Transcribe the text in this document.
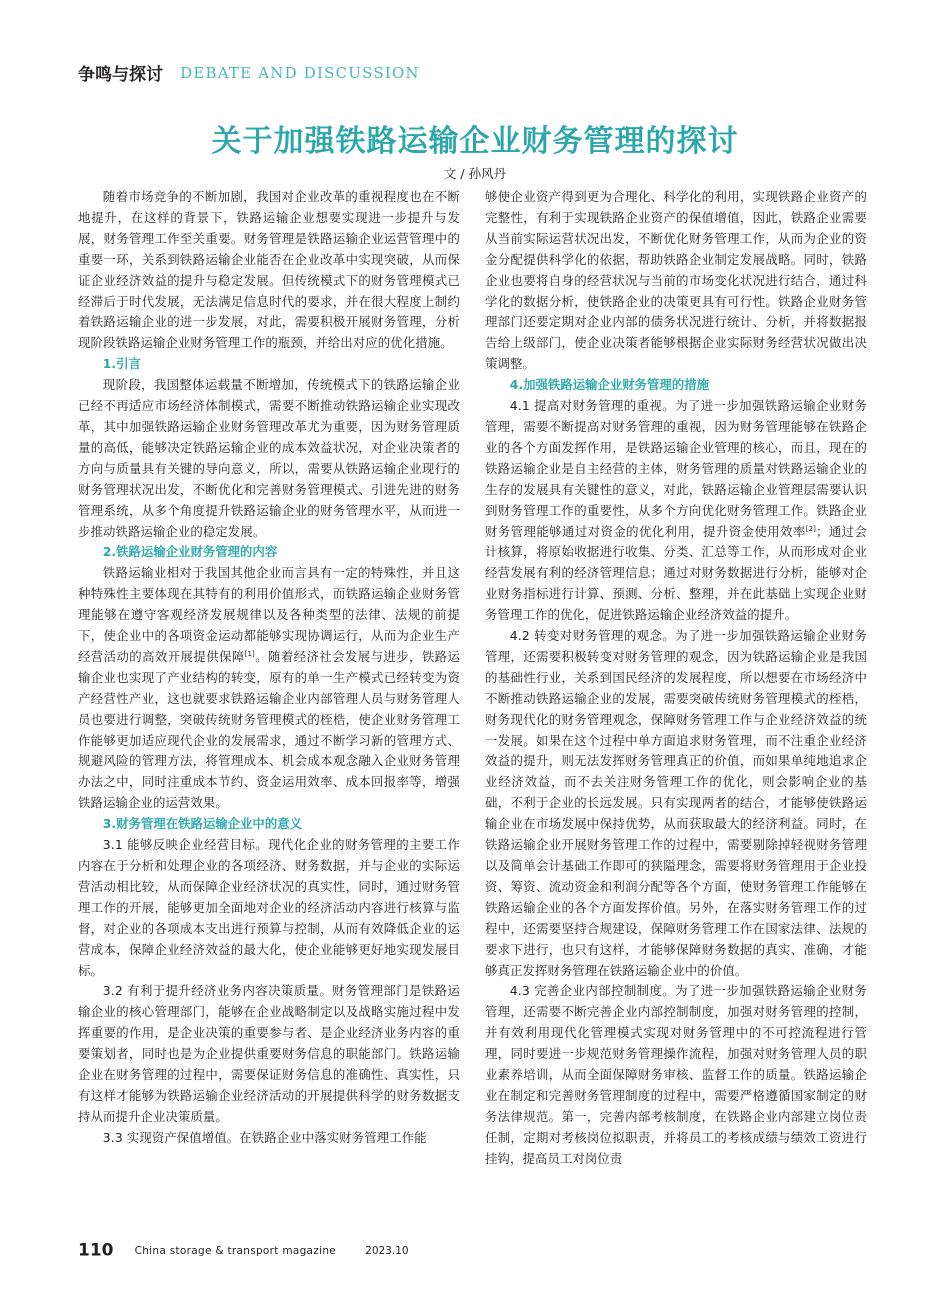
争鸣与探讨 DEBATE AND DISCUSSION
关于加强铁路运输企业财务管理的探讨
文 / 孙风丹

随着市场竞争的不断加剧，我国对企业改革的重视程度也在不断地提升，在这样的背景下，铁路运输企业想要实现进一步提升与发展，财务管理工作至关重要。财务管理是铁路运输企业运营管理中的重要一环，关系到铁路运输企业能否在企业改革中实现突破，从而保证企业经济效益的提升与稳定发展。但传统模式下的财务管理模式已经滞后于时代发展，无法满足信息时代的要求，并在很大程度上制约着铁路运输企业的进一步发展，对此，需要积极开展财务管理，分析现阶段铁路运输企业财务管理工作的瓶颈，并给出对应的优化措施。

1.引言

现阶段，我国整体运载量不断增加，传统模式下的铁路运输企业已经不再适应市场经济体制模式，需要不断推动铁路运输企业实现改革，其中加强铁路运输企业财务管理改革尤为重要，因为财务管理质量的高低，能够决定铁路运输企业的成本效益状况，对企业决策者的方向与质量具有关键的导向意义，所以，需要从铁路运输企业现行的财务管理状况出发，不断优化和完善财务管理模式、引进先进的财务管理系统，从多个角度提升铁路运输企业的财务管理水平，从而进一步推动铁路运输企业的稳定发展。

2.铁路运输企业财务管理的内容

铁路运输业相对于我国其他企业而言具有一定的特殊性，并且这种特殊性主要体现在其特有的利用价值形式，而铁路运输企业财务管理能够在遵守客观经济发展规律以及各种类型的法律、法规的前提下，使企业中的各项资金运动都能够实现协调运行，从而为企业生产经营活动的高效开展提供保障[1]。随着经济社会发展与进步，铁路运输企业也实现了产业结构的转变，原有的单一生产模式已经转变为资产经营性产业，这也就要求铁路运输企业内部管理人员与财务管理人员也要进行调整，突破传统财务管理模式的桎梏，使企业财务管理工作能够更加适应现代企业的发展需求，通过不断学习新的管理方式、规避风险的管理方法，将管理成本、机会成本观念融入企业财务管理办法之中，同时注重成本节约、资金运用效率、成本回报率等，增强铁路运输企业的运营效果。

3.财务管理在铁路运输企业中的意义

3.1 能够反映企业经营目标。现代化企业的财务管理的主要工作内容在于分析和处理企业的各项经济、财务数据，并与企业的实际运营活动相比较，从而保障企业经济状况的真实性，同时，通过财务管理工作的开展，能够更加全面地对企业的经济活动内容进行核算与监督，对企业的各项成本支出进行预算与控制，从而有效降低企业的运营成本，保障企业经济效益的最大化，使企业能够更好地实现发展目标。

3.2 有利于提升经济业务内容决策质量。财务管理部门是铁路运输企业的核心管理部门，能够在企业战略制定以及战略实施过程中发挥重要的作用，是企业决策的重要参与者、是企业经济业务内容的重要策划者，同时也是为企业提供重要财务信息的职能部门。铁路运输企业在财务管理的过程中，需要保证财务信息的准确性、真实性，只有这样才能够为铁路运输企业经济活动的开展提供科学的财务数据支持从而提升企业决策质量。

3.3 实现资产保值增值。在铁路企业中落实财务管理工作能

够使企业资产得到更为合理化、科学化的利用，实现铁路企业资产的完整性，有利于实现铁路企业资产的保值增值，因此，铁路企业需要从当前实际运营状况出发，不断优化财务管理工作，从而为企业的资金分配提供科学化的依据，帮助铁路企业制定发展战略。同时，铁路企业也要将自身的经营状况与当前的市场变化状况进行结合，通过科学化的数据分析，使铁路企业的决策更具有可行性。铁路企业财务管理部门还要定期对企业内部的债务状况进行统计、分析，并将数据报告给上级部门，使企业决策者能够根据企业实际财务经营状况做出决策调整。

4.加强铁路运输企业财务管理的措施

4.1 提高对财务管理的重视。为了进一步加强铁路运输企业财务管理，需要不断提高对财务管理的重视，因为财务管理能够在铁路企业的各个方面发挥作用，是铁路运输企业管理的核心，而且，现在的铁路运输企业是自主经营的主体，财务管理的质量对铁路运输企业的生存的发展具有关键性的意义，对此，铁路运输企业管理层需要认识到财务管理工作的重要性，从多个方向优化财务管理工作。铁路企业财务管理能够通过对资金的优化利用，提升资金使用效率[2]；通过会计核算，将原始收据进行收集、分类、汇总等工作，从而形成对企业经营发展有利的经济管理信息；通过对财务数据进行分析，能够对企业财务指标进行计算、预测、分析、整理，并在此基础上实现企业财务管理工作的优化，促进铁路运输企业经济效益的提升。

4.2 转变对财务管理的观念。为了进一步加强铁路运输企业财务管理，还需要积极转变对财务管理的观念，因为铁路运输企业是我国的基础性行业，关系到国民经济的发展程度，所以想要在市场经济中不断推动铁路运输企业的发展，需要突破传统财务管理模式的桎梏，财务现代化的财务管理观念，保障财务管理工作与企业经济效益的统一发展。如果在这个过程中单方面追求财务管理，而不注重企业经济效益的提升，则无法发挥财务管理真正的价值，而如果单纯地追求企业经济效益，而不去关注财务管理工作的优化，则会影响企业的基础，不利于企业的长远发展。只有实现两者的结合，才能够使铁路运输企业在市场发展中保持优势，从而获取最大的经济利益。同时，在铁路运输企业开展财务管理工作的过程中，需要剔除掉轻视财务管理以及简单会计基础工作即可的狭隘理念，需要将财务管理用于企业投资、筹资、流动资金和利润分配等各个方面，使财务管理工作能够在铁路运输企业的各个方面发挥价值。另外，在落实财务管理工作的过程中，还需要坚持合规建设，保障财务管理工作在国家法律、法规的要求下进行，也只有这样，才能够保障财务数据的真实、准确，才能够真正发挥财务管理在铁路运输企业中的价值。

4.3 完善企业内部控制制度。为了进一步加强铁路运输企业财务管理，还需要不断完善企业内部控制制度，加强对财务管理的控制，并有效利用现代化管理模式实现对财务管理中的不可控流程进行管理，同时要进一步规范财务管理操作流程，加强对财务管理人员的职业素养培训，从而全面保障财务审核、监督工作的质量。铁路运输企业在制定和完善财务管理制度的过程中，需要严格遵循国家制定的财务法律规范。第一，完善内部考核制度，在铁路企业内部建立岗位责任制，定期对考核岗位拟职责，并将员工的考核成绩与绩效工资进行挂钩，提高员工对岗位责

110 China storage & transport magazine	2023.10
